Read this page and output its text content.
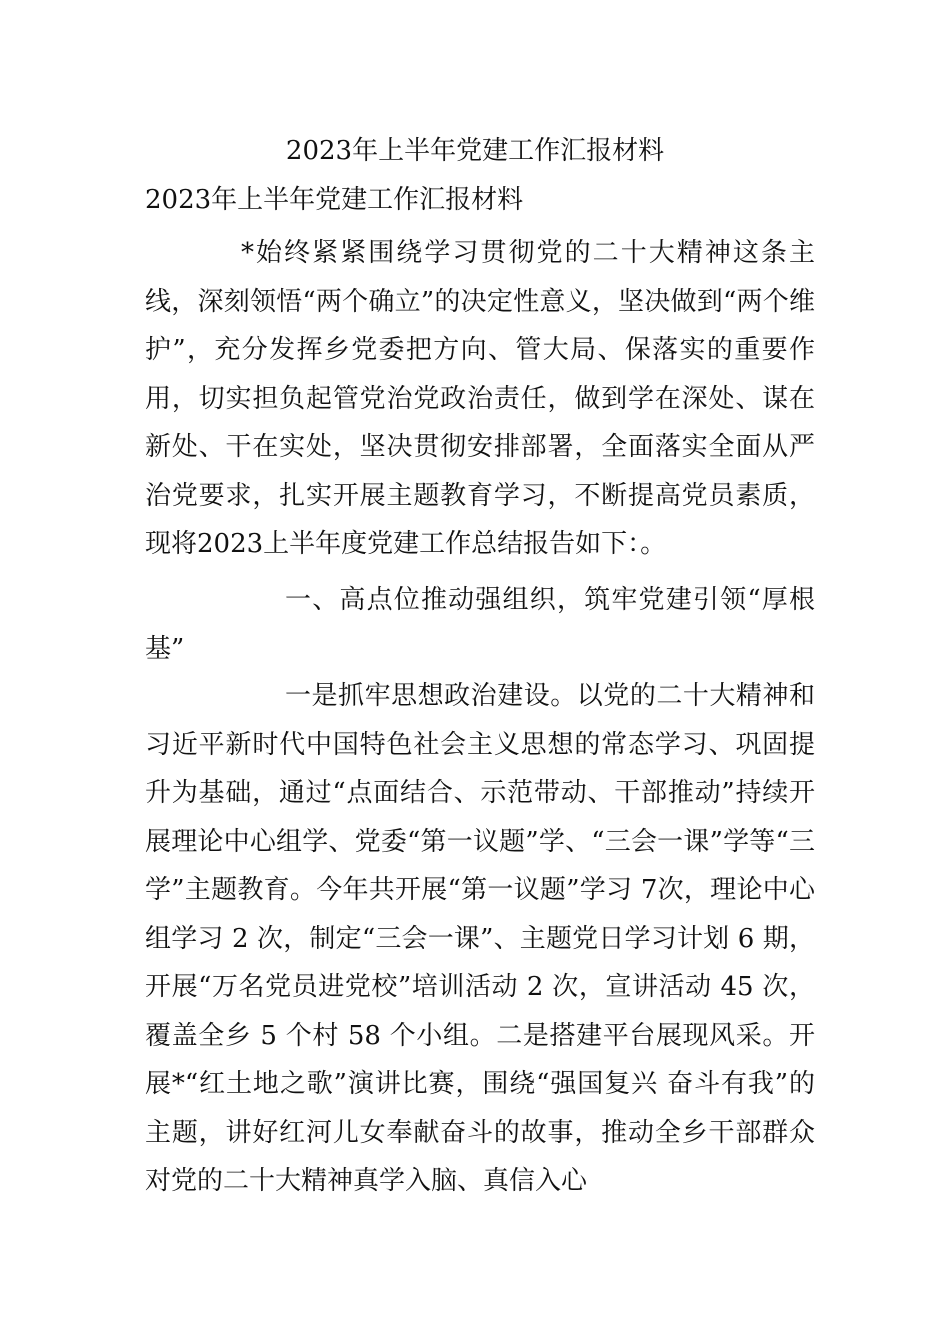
2023年上半年党建工作汇报材料
2023年上半年党建工作汇报材料
*始终紧紧围绕学习贯彻党的二十大精神这条主线，深刻领悟“两个确立”的决定性意义，坚决做到“两个维护”，充分发挥乡党委把方向、管大局、保落实的重要作用，切实担负起管党治党政治责任，做到学在深处、谋在新处、干在实处，坚决贯彻安排部署，全面落实全面从严治党要求，扎实开展主题教育学习，不断提高党员素质，现将2023上半年度党建工作总结报告如下：。
一、高点位推动强组织，筑牢党建引领“厚根基”
一是抓牢思想政治建设。以党的二十大精神和习近平新时代中国特色社会主义思想的常态学习、巩固提升为基础，通过“点面结合、示范带动、干部推动”持续开展理论中心组学、党委“第一议题”学、“三会一课”学等“三学”主题教育。今年共开展“第一议题”学习 7次，理论中心组学习 2 次，制定“三会一课”、主题党日学习计划 6 期，开展“万名党员进党校”培训活动 2 次，宣讲活动 45 次，覆盖全乡 5 个村 58 个小组。二是搭建平台展现风采。开展*“红土地之歌”演讲比赛，围绕“强国复兴 奋斗有我”的主题，讲好红河儿女奉献奋斗的故事，推动全乡干部群众对党的二十大精神真学入脑、真信入心
